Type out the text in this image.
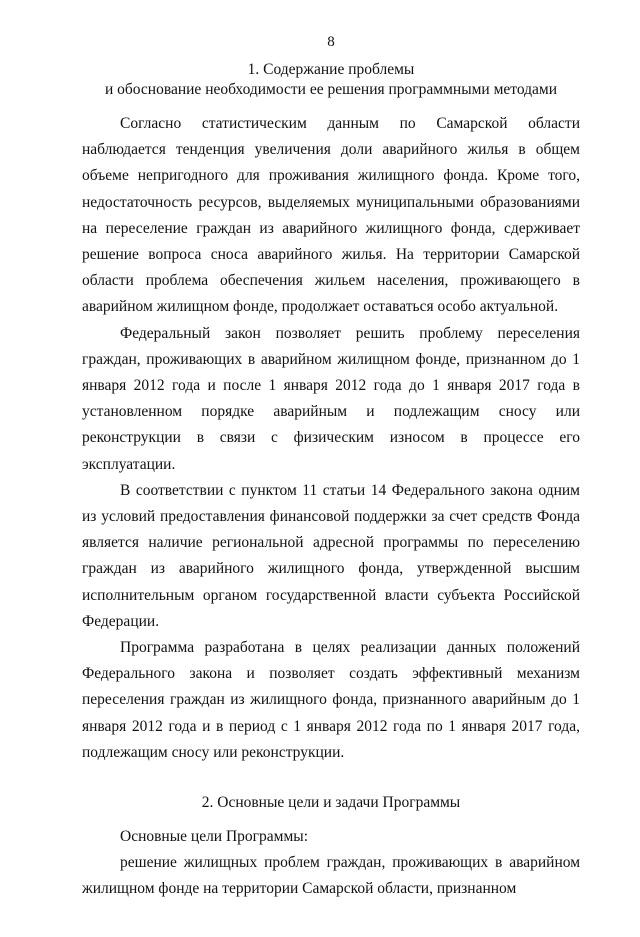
8

1. Содержание проблемы

и обоснование необходимости ее решения программными методами

Согласно статистическим данным по Самарской области наблюдается тенденция увеличения доли аварийного жилья в общем объеме непригодного для проживания жилищного фонда. Кроме того, недостаточность ресурсов, выделяемых муниципальными образованиями на переселение граждан из аварийного жилищного фонда, сдерживает решение вопроса сноса аварийного жилья. На территории Самарской области проблема обеспечения жильем населения, проживающего в аварийном жилищном фонде, продолжает оставаться особо актуальной.

Федеральный закон позволяет решить проблему переселения граждан, проживающих в аварийном жилищном фонде, признанном до 1 января 2012 года и после 1 января 2012 года до 1 января 2017 года в установленном порядке аварийным и подлежащим сносу или реконструкции в связи с физическим износом в процессе его эксплуатации.

В соответствии с пунктом 11 статьи 14 Федерального закона одним из условий предоставления финансовой поддержки за счет средств Фонда является наличие региональной адресной программы по переселению граждан из аварийного жилищного фонда, утвержденной высшим исполнительным органом государственной власти субъекта Российской Федерации.

Программа разработана в целях реализации данных положений Федерального закона и позволяет создать эффективный механизм переселения граждан из жилищного фонда, признанного аварийным до 1 января 2012 года и в период с 1 января 2012 года по 1 января 2017 года, подлежащим сносу или реконструкции.

2. Основные цели и задачи Программы

Основные цели Программы:

решение жилищных проблем граждан, проживающих в аварийном жилищном фонде на территории Самарской области, признанном
